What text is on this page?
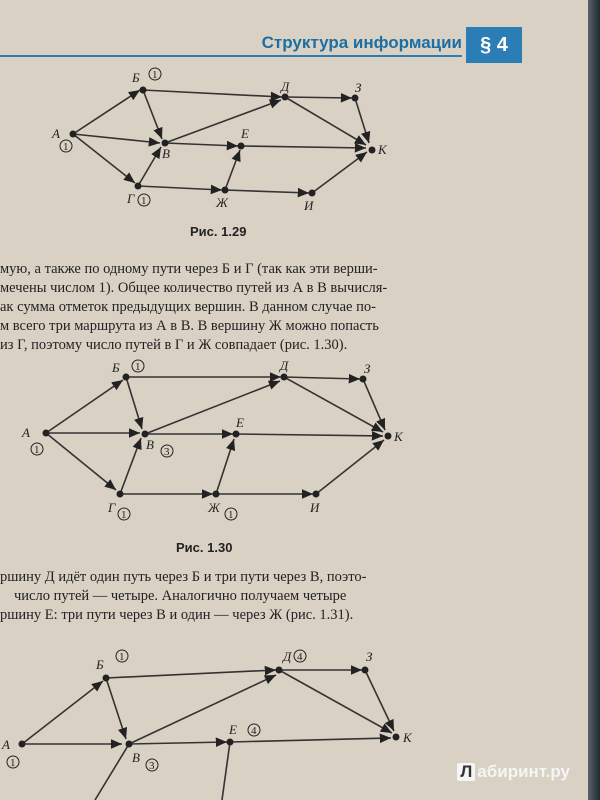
Структура информации § 4
А
Б
В
Г
Д
Е
Ж
З
И
К
1
1
1
Рис. 1.29
мую, а также по одному пути через Б и Г (так как эти верши-
мечены числом 1). Общее количество путей из А в В вычисля-
ак сумма отметок предыдущих вершин. В данном случае по-
м всего три маршрута из А в В. В вершину Ж можно попасть
из Г, поэтому число путей в Г и Ж совпадает (рис. 1.30).
А
Б
В
Г
Д
Е
Ж
З
И
К
1
1
3
1	1
Рис. 1.30
ршину Д идёт один путь через Б и три пути через В, поэто-
число путей — четыре. Аналогично получаем четыре
ршину Е: три пути через В и один — через Ж (рис. 1.31).
А
Б
В
Д
Е
З
К
1
1
3
4
4
Л абиринт.ру
